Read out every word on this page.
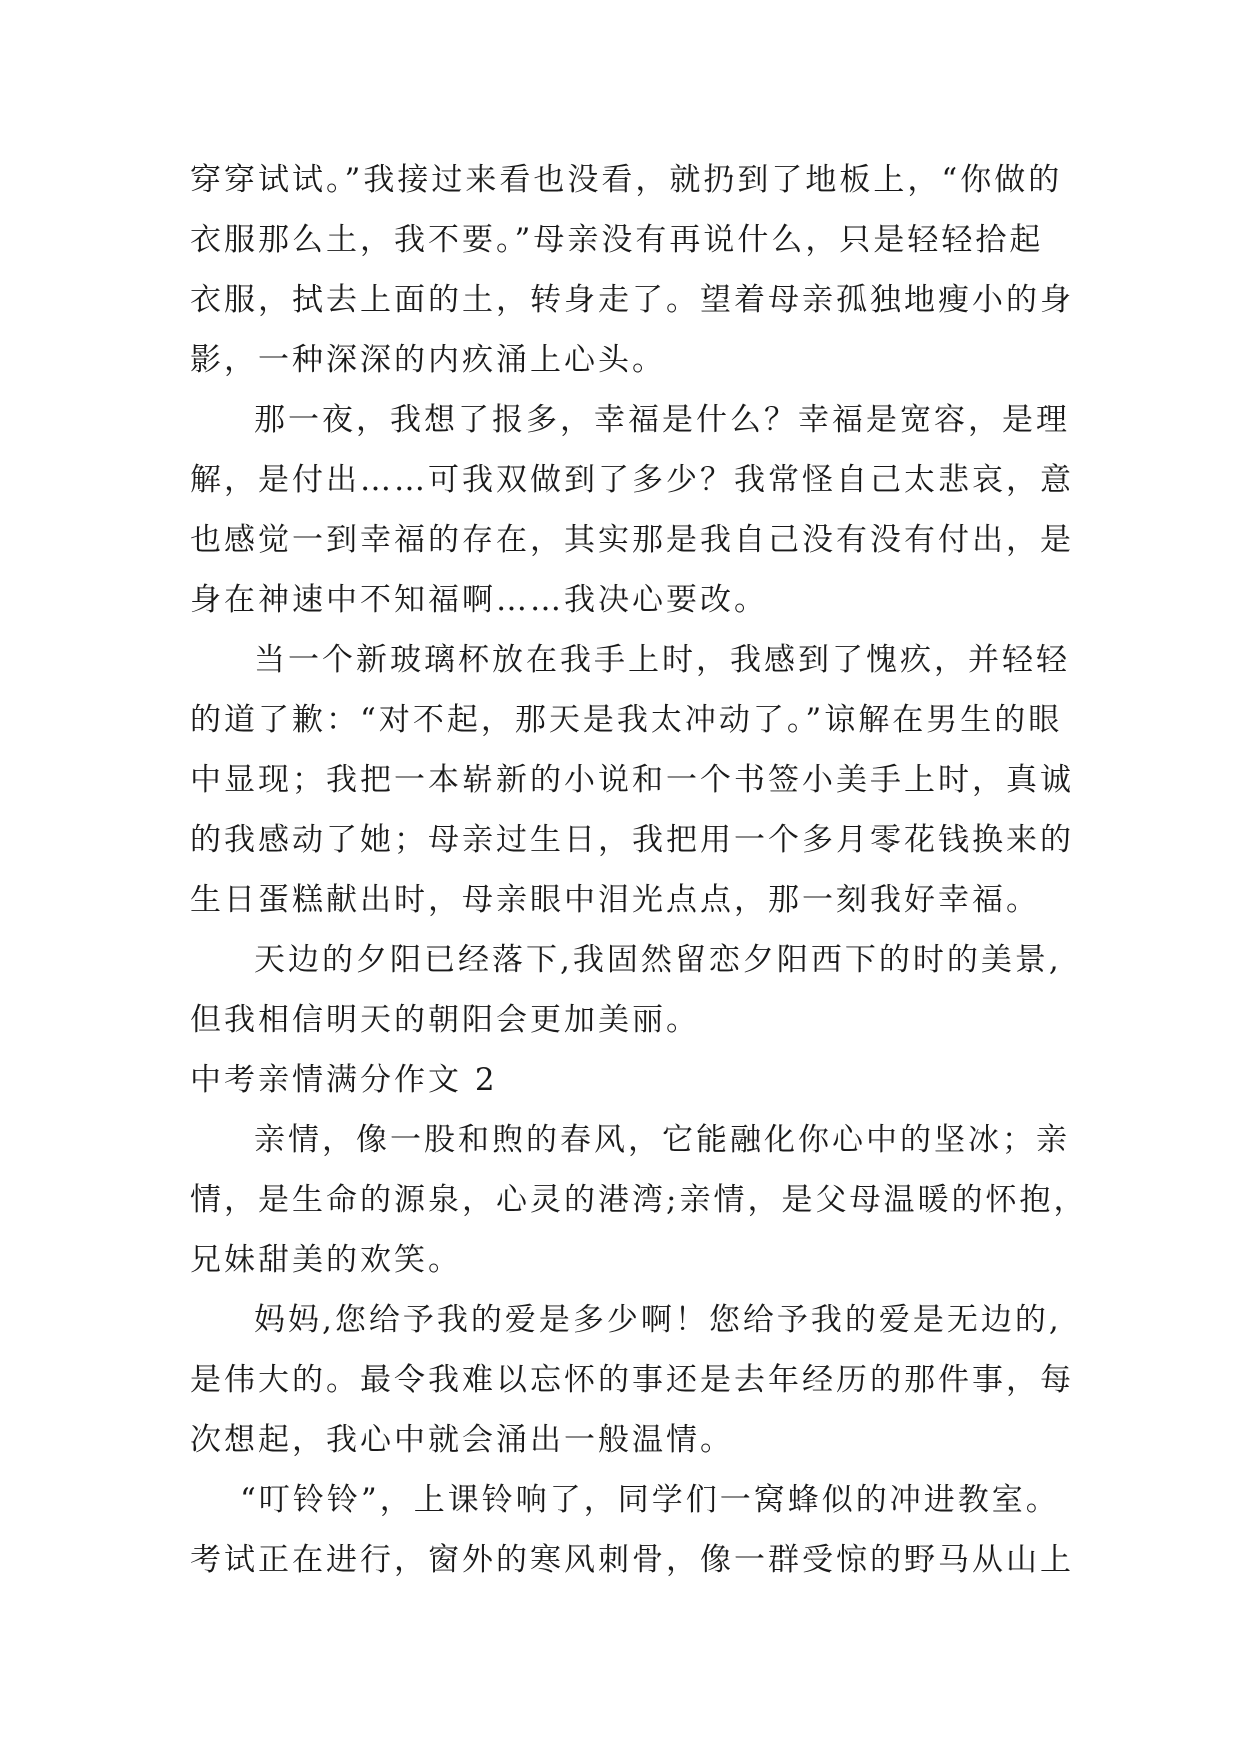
穿穿试试。”我接过来看也没看，就扔到了地板上，“你做的
衣服那么土，我不要。”母亲没有再说什么，只是轻轻拾起
衣服，拭去上面的土，转身走了。望着母亲孤独地瘦小的身
影，一种深深的内疚涌上心头。
那一夜，我想了报多，幸福是什么？幸福是宽容，是理
解，是付出……可我双做到了多少？我常怪自己太悲哀，意
也感觉一到幸福的存在，其实那是我自己没有没有付出，是
身在神速中不知福啊……我决心要改。
当一个新玻璃杯放在我手上时，我感到了愧疚，并轻轻
的道了歉：“对不起，那天是我太冲动了。”谅解在男生的眼
中显现；我把一本崭新的小说和一个书签小美手上时，真诚
的我感动了她；母亲过生日，我把用一个多月零花钱换来的
生日蛋糕献出时，母亲眼中泪光点点，那一刻我好幸福。
天边的夕阳已经落下,我固然留恋夕阳西下的时的美景,
但我相信明天的朝阳会更加美丽。
中考亲情满分作文 2
亲情，像一股和煦的春风，它能融化你心中的坚冰；亲
情，是生命的源泉，心灵的港湾;亲情，是父母温暖的怀抱，
兄妹甜美的欢笑。
妈妈,您给予我的爱是多少啊！您给予我的爱是无边的,
是伟大的。最令我难以忘怀的事还是去年经历的那件事，每
次想起，我心中就会涌出一般温情。
“叮铃铃”，上课铃响了，同学们一窝蜂似的冲进教室。
考试正在进行，窗外的寒风刺骨，像一群受惊的野马从山上
